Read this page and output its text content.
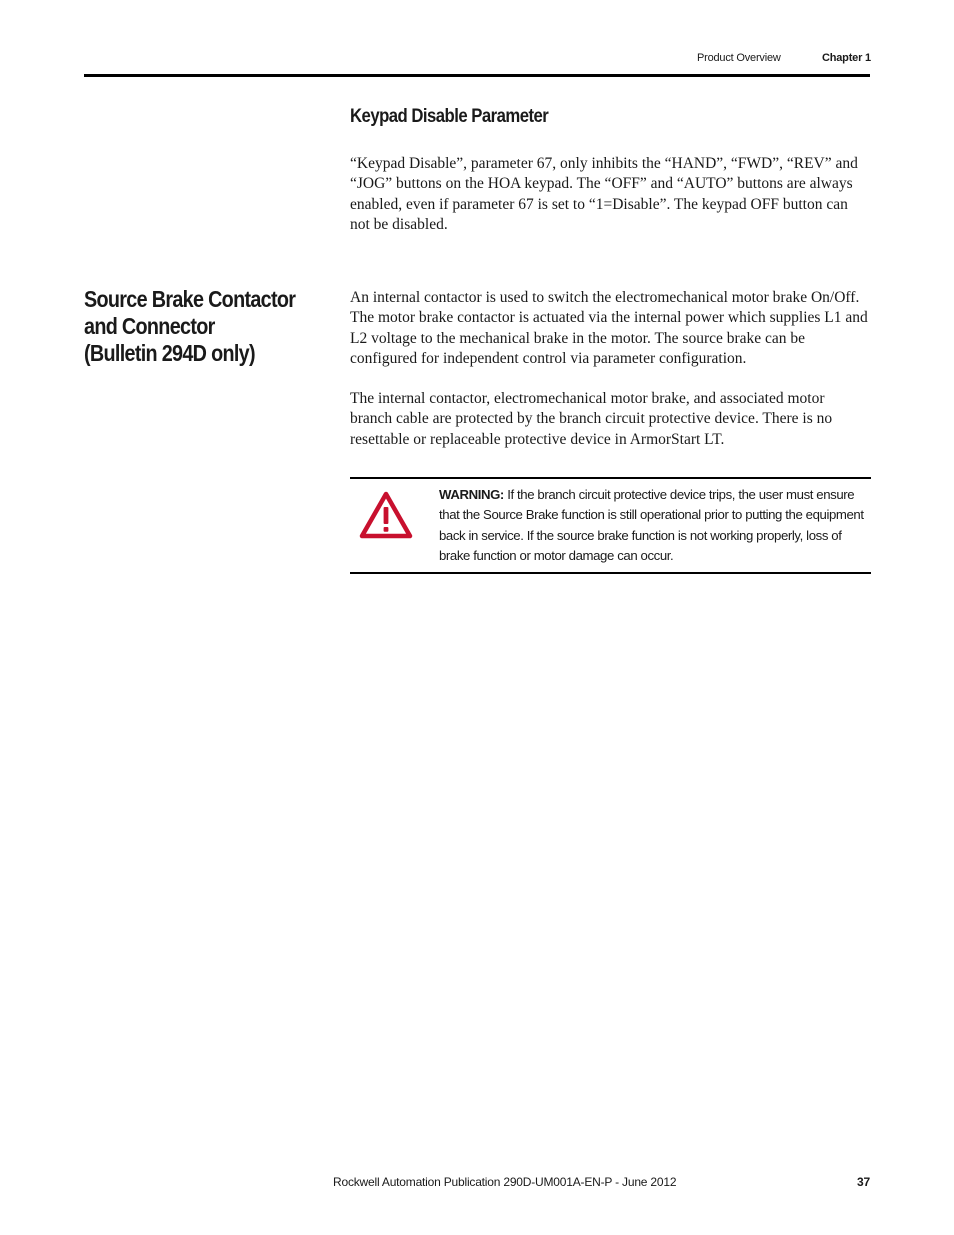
Product Overview	Chapter 1
Keypad Disable Parameter

“Keypad Disable”, parameter 67, only inhibits the “HAND”, “FWD”, “REV” and “JOG” buttons on the HOA keypad. The “OFF” and “AUTO” buttons are always enabled, even if parameter 67 is set to “1=Disable”. The keypad OFF button can not be disabled.

Source Brake Contactor
and Connector
(Bulletin 294D only)

An internal contactor is used to switch the electromechanical motor brake On/Off. The motor brake contactor is actuated via the internal power which supplies L1 and L2 voltage to the mechanical brake in the motor. The source brake can be configured for independent control via parameter configuration.

The internal contactor, electromechanical motor brake, and associated motor branch cable are protected by the branch circuit protective device. There is no resettable or replaceable protective device in ArmorStart LT.

WARNING: If the branch circuit protective device trips, the user must ensure that the Source Brake function is still operational prior to putting the equipment back in service. If the source brake function is not working properly, loss of brake function or motor damage can occur.
Rockwell Automation Publication 290D-UM001A-EN-P - June 2012	37
